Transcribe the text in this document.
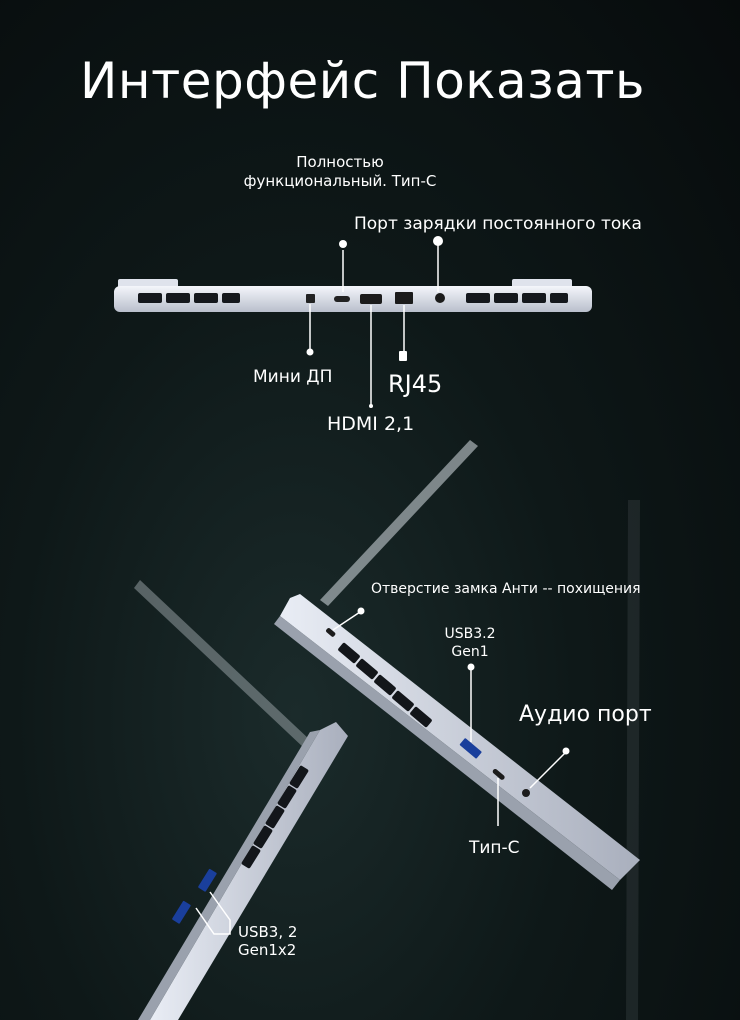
Интерфейс Показать
Полностью
функциональный. Тип-C
Порт зарядки постоянного тока
Мини ДП RJ45
HDMI 2,1
Отверстие замка Анти -- похищения
USB3.2
Gen1
Аудио порт
Тип-C
USB3, 2
Gen1x2
